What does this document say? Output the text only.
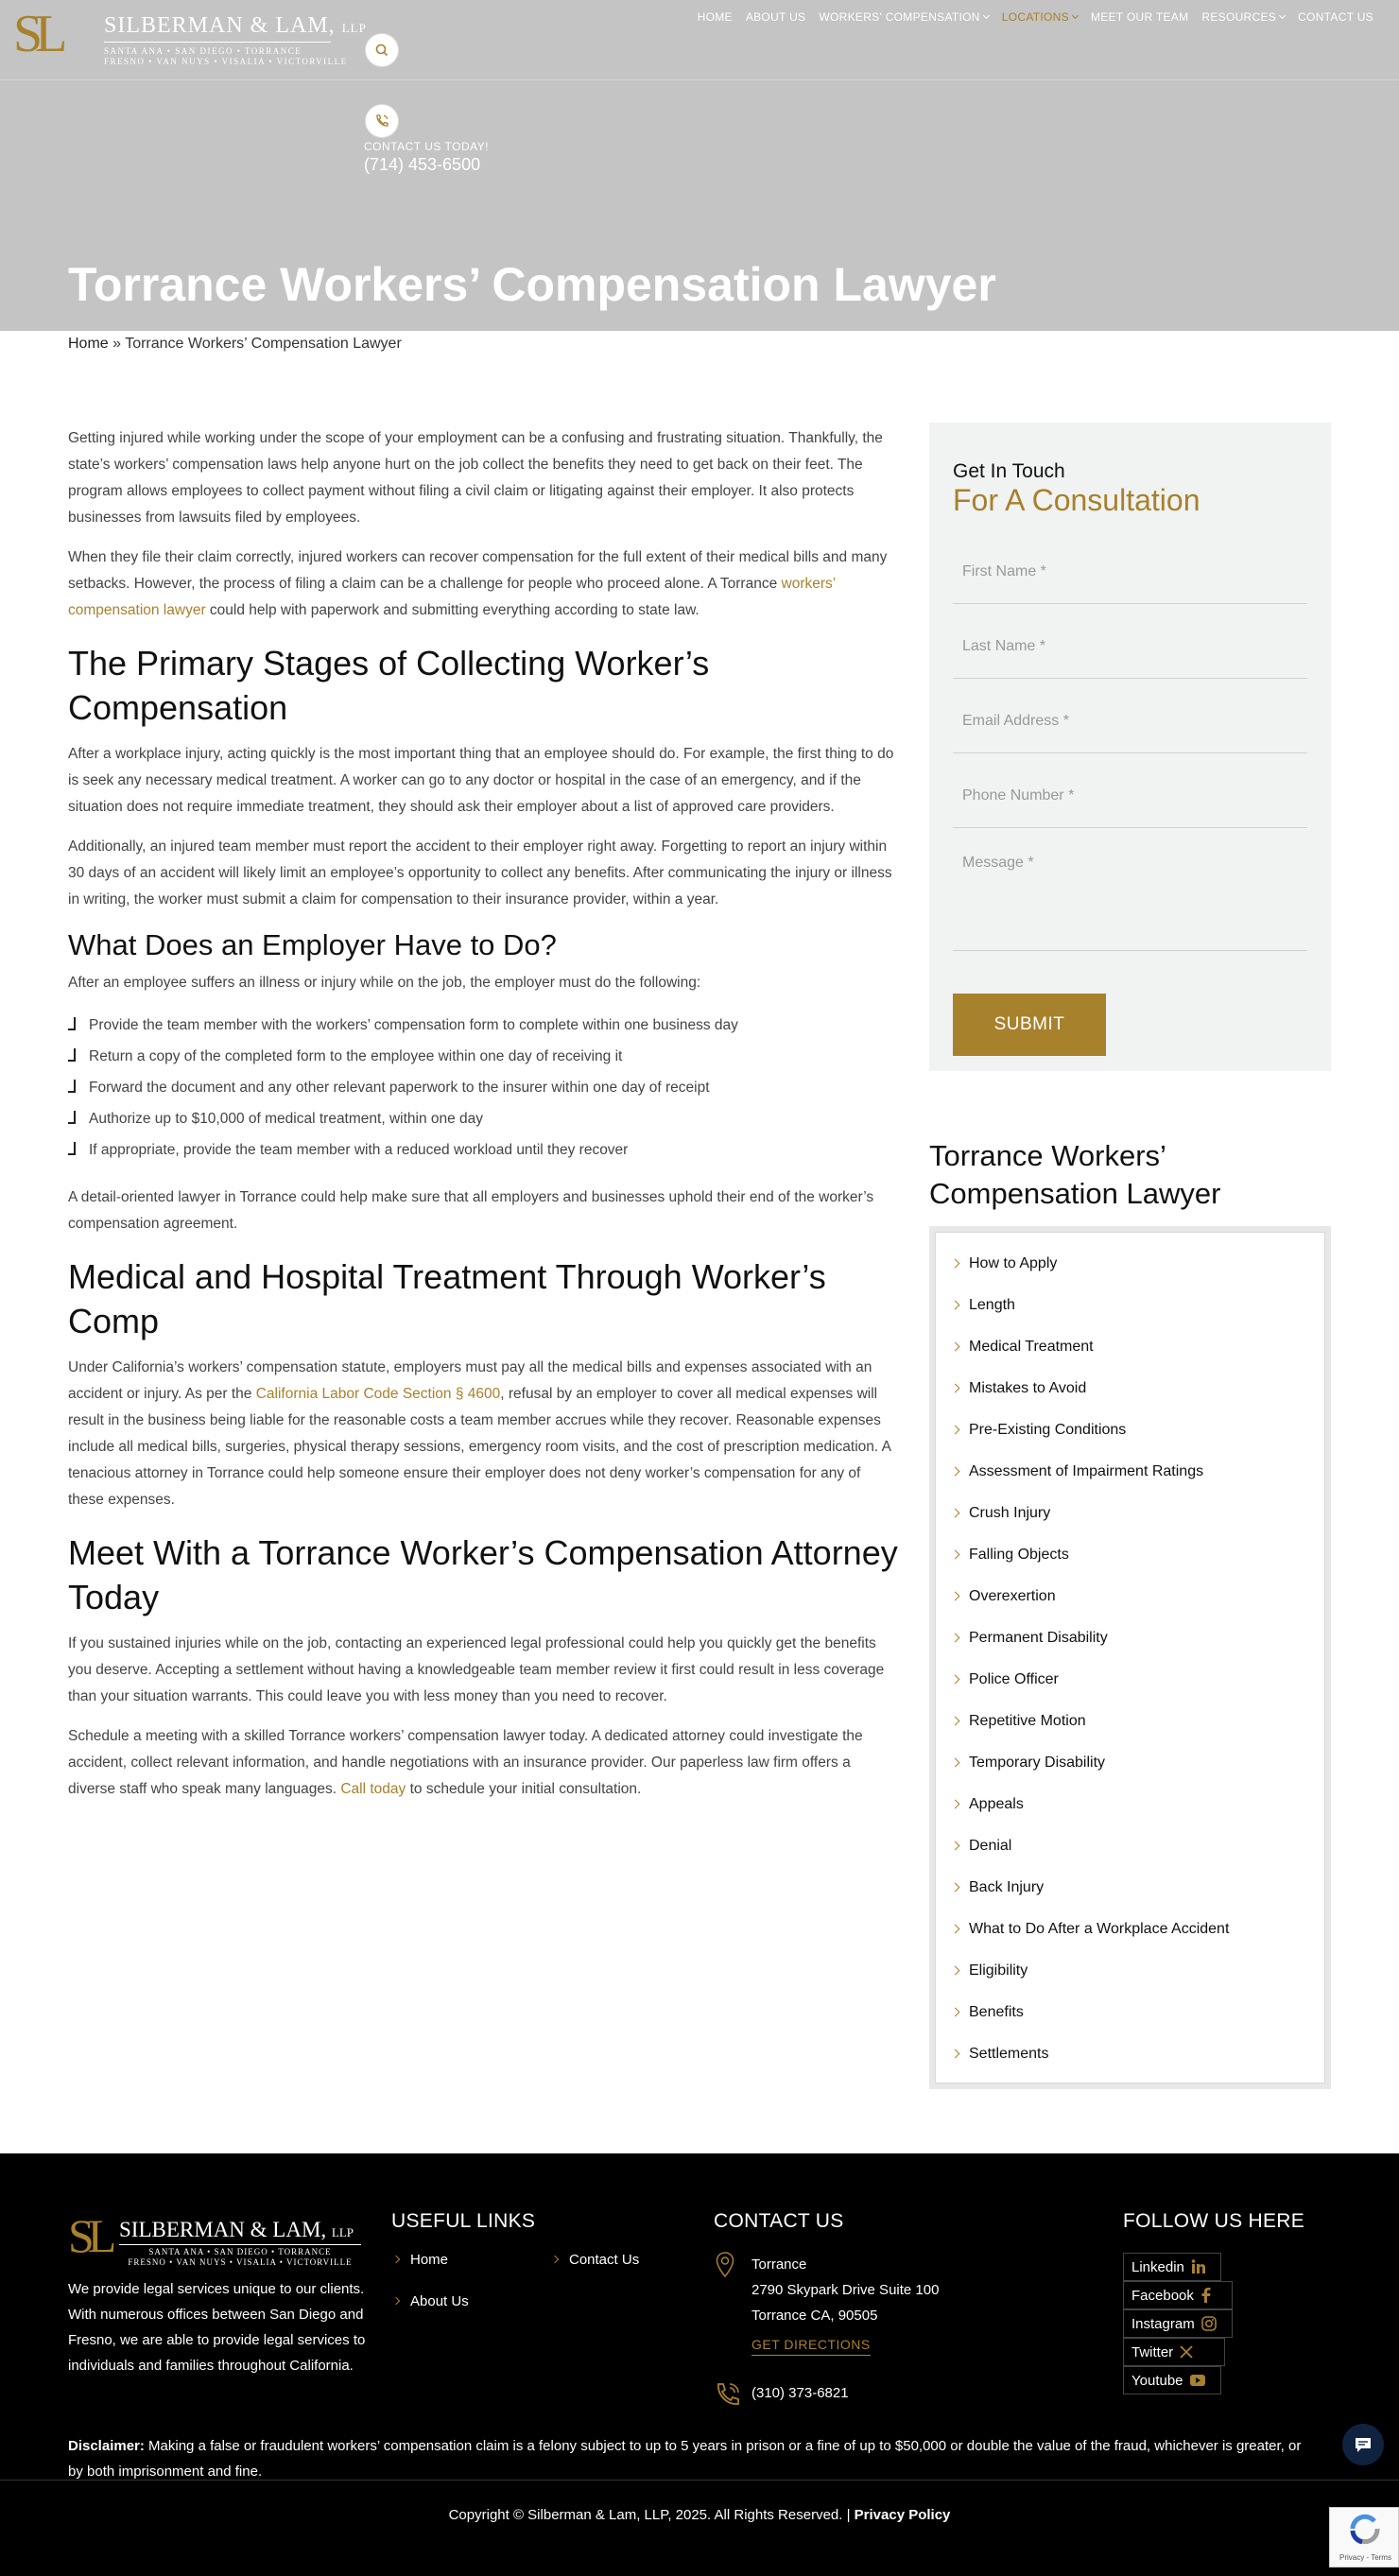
SL SILBERMAN & LAM, LLP
SANTA ANA • SAN DIEGO • TORRANCE
FRESNO • VAN NUYS • VISALIA • VICTORVILLE
CONTACT US TODAY!
(714) 453-6500
HOME ABOUT US WORKERS' COMPENSATION LOCATIONS MEET OUR TEAM RESOURCES CONTACT US
Torrance Workers’ Compensation Lawyer
Home » Torrance Workers’ Compensation Lawyer

Getting injured while working under the scope of your employment can be a confusing and frustrating situation. Thankfully, the state’s workers’ compensation laws help anyone hurt on the job collect the benefits they need to get back on their feet. The program allows employees to collect payment without filing a civil claim or litigating against their employer. It also protects businesses from lawsuits filed by employees.

When they file their claim correctly, injured workers can recover compensation for the full extent of their medical bills and many setbacks. However, the process of filing a claim can be a challenge for people who proceed alone. A Torrance workers’ compensation lawyer could help with paperwork and submitting everything according to state law.

The Primary Stages of Collecting Worker’s Compensation

After a workplace injury, acting quickly is the most important thing that an employee should do. For example, the first thing to do is seek any necessary medical treatment. A worker can go to any doctor or hospital in the case of an emergency, and if the situation does not require immediate treatment, they should ask their employer about a list of approved care providers.

Additionally, an injured team member must report the accident to their employer right away. Forgetting to report an injury within 30 days of an accident will likely limit an employee’s opportunity to collect any benefits. After communicating the injury or illness in writing, the worker must submit a claim for compensation to their insurance provider, within a year.

What Does an Employer Have to Do?

After an employee suffers an illness or injury while on the job, the employer must do the following:

Provide the team member with the workers’ compensation form to complete within one business day
Return a copy of the completed form to the employee within one day of receiving it
Forward the document and any other relevant paperwork to the insurer within one day of receipt
Authorize up to $10,000 of medical treatment, within one day
If appropriate, provide the team member with a reduced workload until they recover

A detail-oriented lawyer in Torrance could help make sure that all employers and businesses uphold their end of the worker’s compensation agreement.

Medical and Hospital Treatment Through Worker’s Comp

Under California’s workers’ compensation statute, employers must pay all the medical bills and expenses associated with an accident or injury. As per the California Labor Code Section § 4600, refusal by an employer to cover all medical expenses will result in the business being liable for the reasonable costs a team member accrues while they recover. Reasonable expenses include all medical bills, surgeries, physical therapy sessions, emergency room visits, and the cost of prescription medication. A tenacious attorney in Torrance could help someone ensure their employer does not deny worker’s compensation for any of these expenses.

Meet With a Torrance Worker’s Compensation Attorney Today

If you sustained injuries while on the job, contacting an experienced legal professional could help you quickly get the benefits you deserve. Accepting a settlement without having a knowledgeable team member review it first could result in less coverage than your situation warrants. This could leave you with less money than you need to recover.

Schedule a meeting with a skilled Torrance workers’ compensation lawyer today. A dedicated attorney could investigate the accident, collect relevant information, and handle negotiations with an insurance provider. Our paperless law firm offers a diverse staff who speak many languages. Call today to schedule your initial consultation.

Get In Touch
For A Consultation
First Name *
Last Name *
Email Address *
Phone Number *
Message *
SUBMIT
Torrance Workers’ Compensation Lawyer
How to Apply
Length
Medical Treatment
Mistakes to Avoid
Pre-Existing Conditions
Assessment of Impairment Ratings
Crush Injury
Falling Objects
Overexertion
Permanent Disability
Police Officer
Repetitive Motion
Temporary Disability
Appeals
Denial
Back Injury
What to Do After a Workplace Accident
Eligibility
Benefits
Settlements
SL SILBERMAN & LAM, LLP
SANTA ANA • SAN DIEGO • TORRANCE
FRESNO • VAN NUYS • VISALIA • VICTORVILLE
We provide legal services unique to our clients. With numerous offices between San Diego and Fresno, we are able to provide legal services to individuals and families throughout California.
USEFUL LINKS
Home
About Us
Contact Us
CONTACT US
Torrance
2790 Skypark Drive Suite 100
Torrance CA, 90505
GET DIRECTIONS
(310) 373-6821
FOLLOW US HERE
Linkedin
Facebook
Instagram
Twitter
Youtube
Disclaimer: Making a false or fraudulent workers’ compensation claim is a felony subject to up to 5 years in prison or a fine of up to $50,000 or double the value of the fraud, whichever is greater, or by both imprisonment and fine.
Copyright © Silberman & Lam, LLP, 2025. All Rights Reserved. | Privacy Policy
Privacy - Terms
